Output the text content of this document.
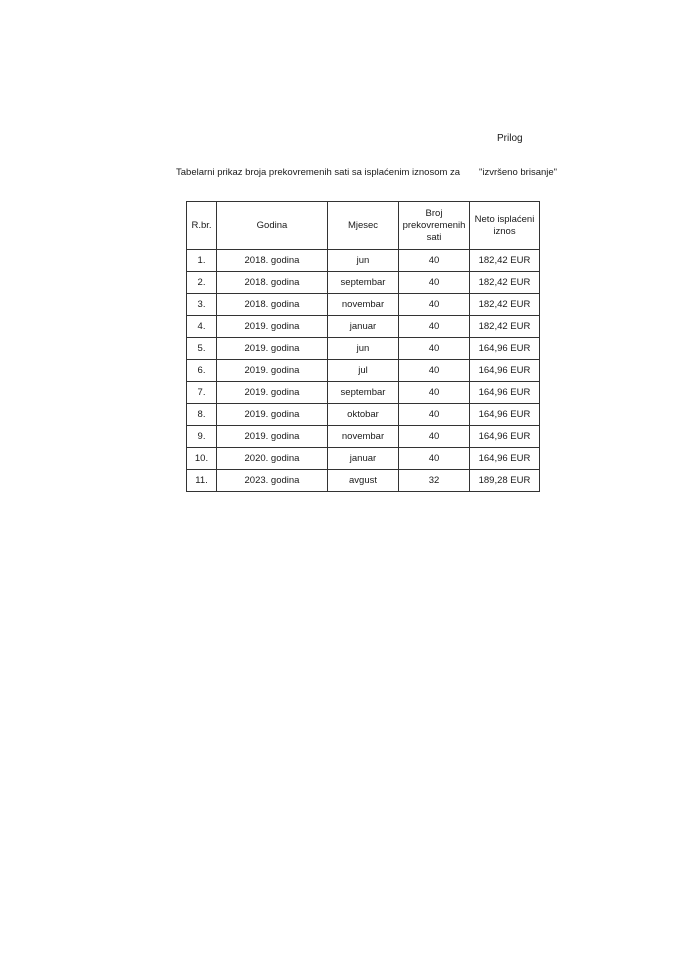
Prilog
Tabelarni prikaz broja prekovremenih sati sa isplaćenim iznosom za "izvršeno brisanje"
R.br.	Godina	Mjesec	Broj prekovremenih sati	Neto isplaćeni iznos
1.	2018. godina	jun	40	182,42 EUR
2.	2018. godina	septembar	40	182,42 EUR
3.	2018. godina	novembar	40	182,42 EUR
4.	2019. godina	januar	40	182,42 EUR
5.	2019. godina	jun	40	164,96 EUR
6.	2019. godina	jul	40	164,96 EUR
7.	2019. godina	septembar	40	164,96 EUR
8.	2019. godina	oktobar	40	164,96 EUR
9.	2019. godina	novembar	40	164,96 EUR
10.	2020. godina	januar	40	164,96 EUR
11.	2023. godina	avgust	32	189,28 EUR
